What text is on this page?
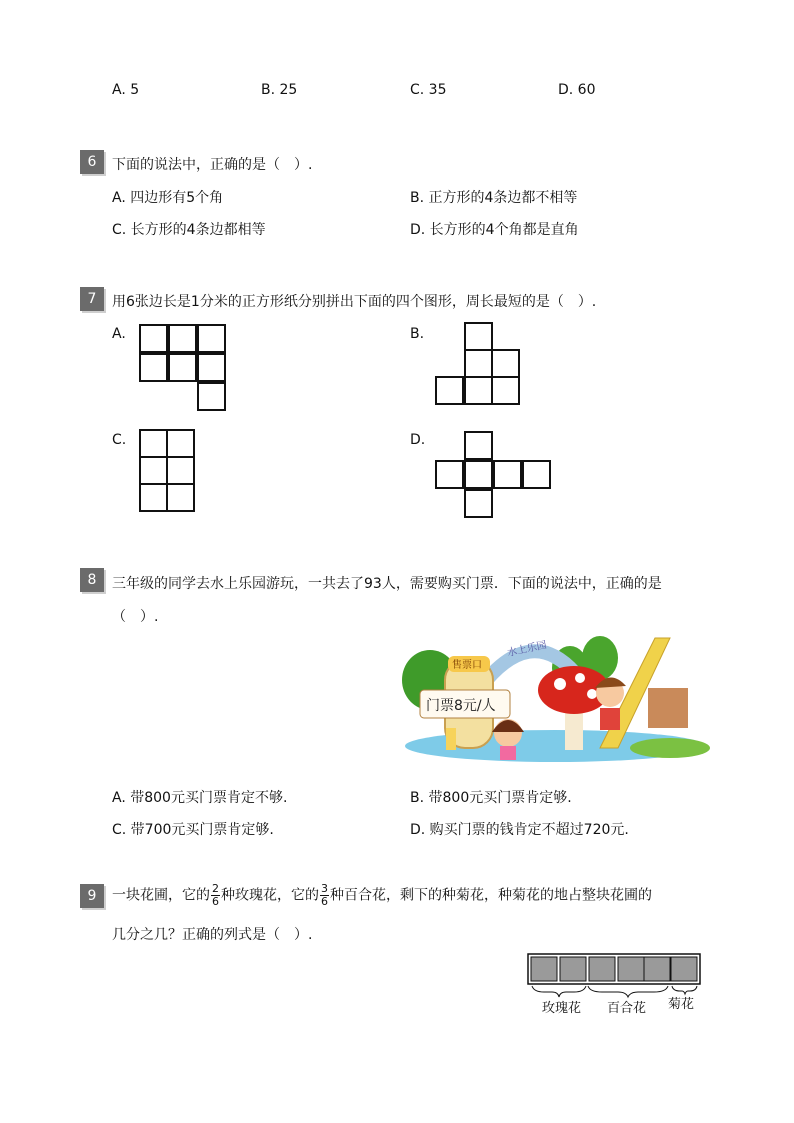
A. 5	B. 25	C. 35	D. 60
6	下面的说法中，正确的是（　）.
A. 四边形有5个角	B. 正方形的4条边都不相等
C. 长方形的4条边都相等	D. 长方形的4个角都是直角
7	用6张边长是1分米的正方形纸分别拼出下面的四个图形，周长最短的是（　）.
A.	B.
C.	D.
8	三年级的同学去水上乐园游玩，一共去了93人，需要购买门票．下面的说法中，正确的是
（　）.
水上乐园
售票口
门票8元/人
A. 带800元买门票肯定不够.	B. 带800元买门票肯定够.
C. 带700元买门票肯定够.	D. 购买门票的钱肯定不超过720元.
9	一块花圃，它的 $\frac{2}{6}$ 种玫瑰花，它的 $\frac{3}{6}$ 种百合花，剩下的种菊花，种菊花的地占整块花圃的
几分之几？正确的列式是（　）.
玫瑰花 百合花 菊花
